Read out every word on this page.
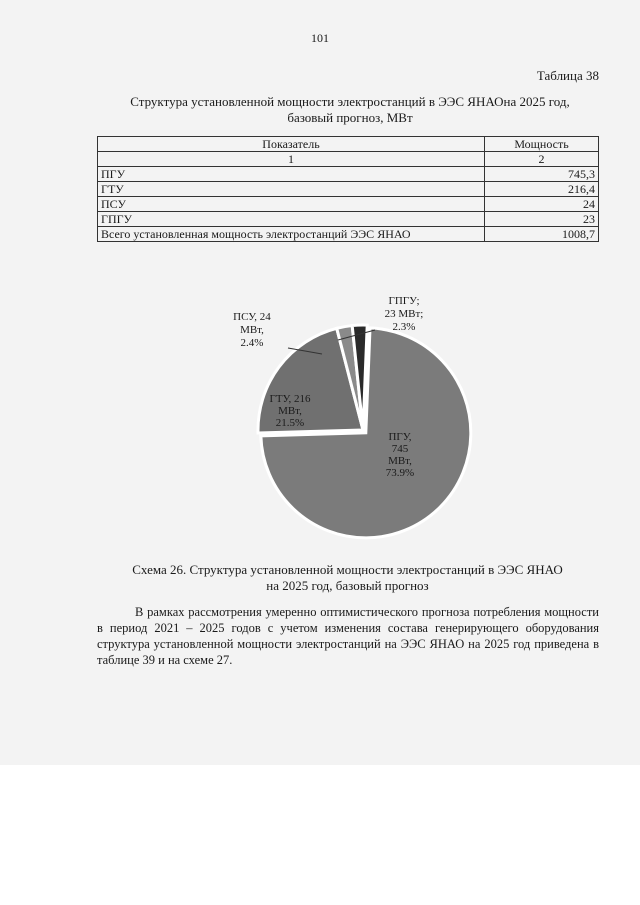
101
Таблица 38
Структура установленной мощности электростанций в ЭЭС ЯНАОна 2025 год,
базовый прогноз, МВт
Показатель	Мощность
1	2
ПГУ	745,3
ГТУ	216,4
ПСУ	24
ГПГУ	23
Всего установленная мощность электростанций ЭЭС ЯНАО	1008,7
ПГУ, 745 МВт, 73.9%
ГТУ, 216 МВт, 21.5%
ПСУ, 24 МВт, 2.4%
ГПГУ; 23 МВт; 2.3%
Схема 26. Структура установленной мощности электростанций в ЭЭС ЯНАО
на 2025 год, базовый прогноз
В рамках рассмотрения умеренно оптимистического прогноза потребления мощности в период 2021 – 2025 годов с учетом изменения состава генерирующего оборудования структура установленной мощности электростанций на ЭЭС ЯНАО на 2025 год приведена в таблице 39 и на схеме 27.
